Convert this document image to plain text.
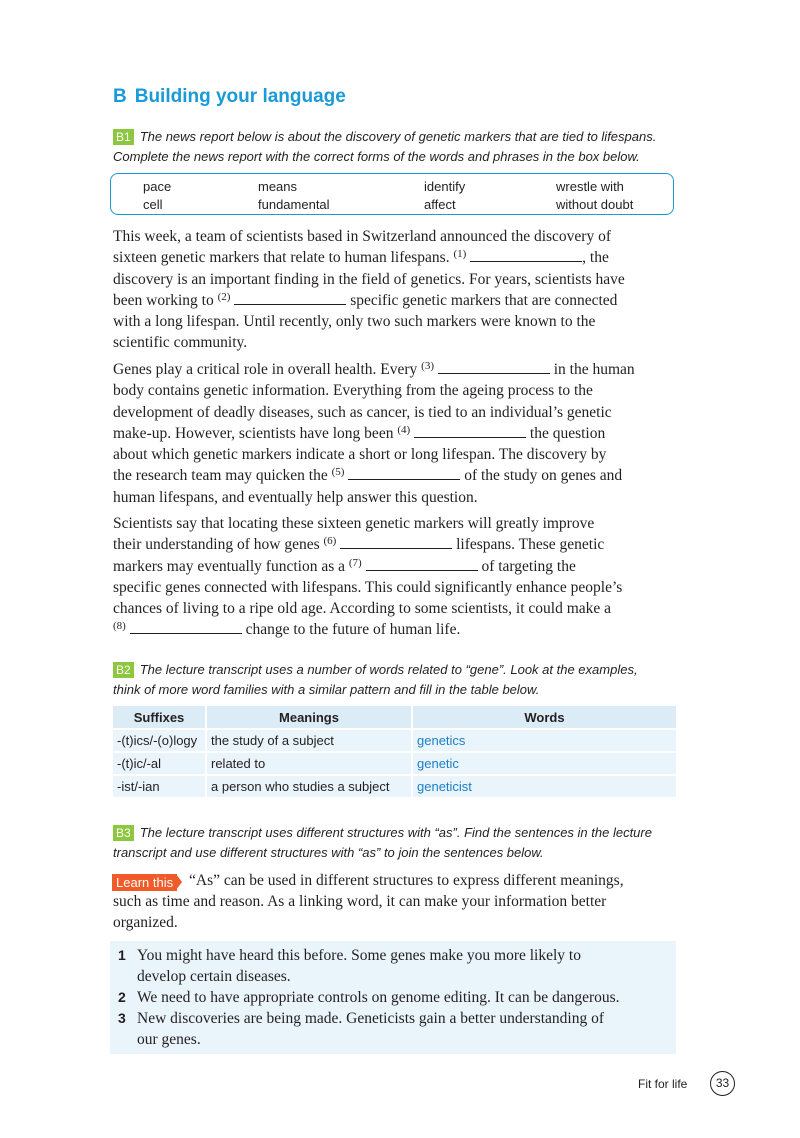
B Building your language
B1 The news report below is about the discovery of genetic markers that are tied to lifespans.
Complete the news report with the correct forms of the words and phrases in the box below.
pace	means	identify	wrestle with
cell	fundamental	affect	without doubt
This week, a team of scientists based in Switzerland announced the discovery of
sixteen genetic markers that relate to human lifespans. $^{(1)}$	, the
discovery is an important finding in the field of genetics. For years, scientists have
been working to $^{(2)}$	specific genetic markers that are connected
with a long lifespan. Until recently, only two such markers were known to the
scientific community.
Genes play a critical role in overall health. Every $^{(3)}$	in the human
body contains genetic information. Everything from the ageing process to the
development of deadly diseases, such as cancer, is tied to an individual’s genetic
make-up. However, scientists have long been $^{(4)}$	the question
about which genetic markers indicate a short or long lifespan. The discovery by
the research team may quicken the $^{(5)}$	of the study on genes and
human lifespans, and eventually help answer this question.
Scientists say that locating these sixteen genetic markers will greatly improve
their understanding of how genes $^{(6)}$	lifespans. These genetic
markers may eventually function as a $^{(7)}$	of targeting the
specific genes connected with lifespans. This could significantly enhance people’s
chances of living to a ripe old age. According to some scientists, it could make a
$^{(8)}$	change to the future of human life.
B2 The lecture transcript uses a number of words related to “gene”. Look at the examples,
think of more word families with a similar pattern and fill in the table below.
Suffixes	Meanings	Words
-(t)ics/-(o)logy	the study of a subject	genetics
-(t)ic/-al	related to	genetic
-ist/-ian	a person who studies a subject	geneticist
B3 The lecture transcript uses different structures with “as”. Find the sentences in the lecture
transcript and use different structures with “as” to join the sentences below.
Learn this “As” can be used in different structures to express different meanings,
such as time and reason. As a linking word, it can make your information better
organized.
1 You might have heard this before. Some genes make you more likely to
develop certain diseases.
2 We need to have appropriate controls on genome editing. It can be dangerous.
3 New discoveries are being made. Geneticists gain a better understanding of
our genes.
Fit for life	33
